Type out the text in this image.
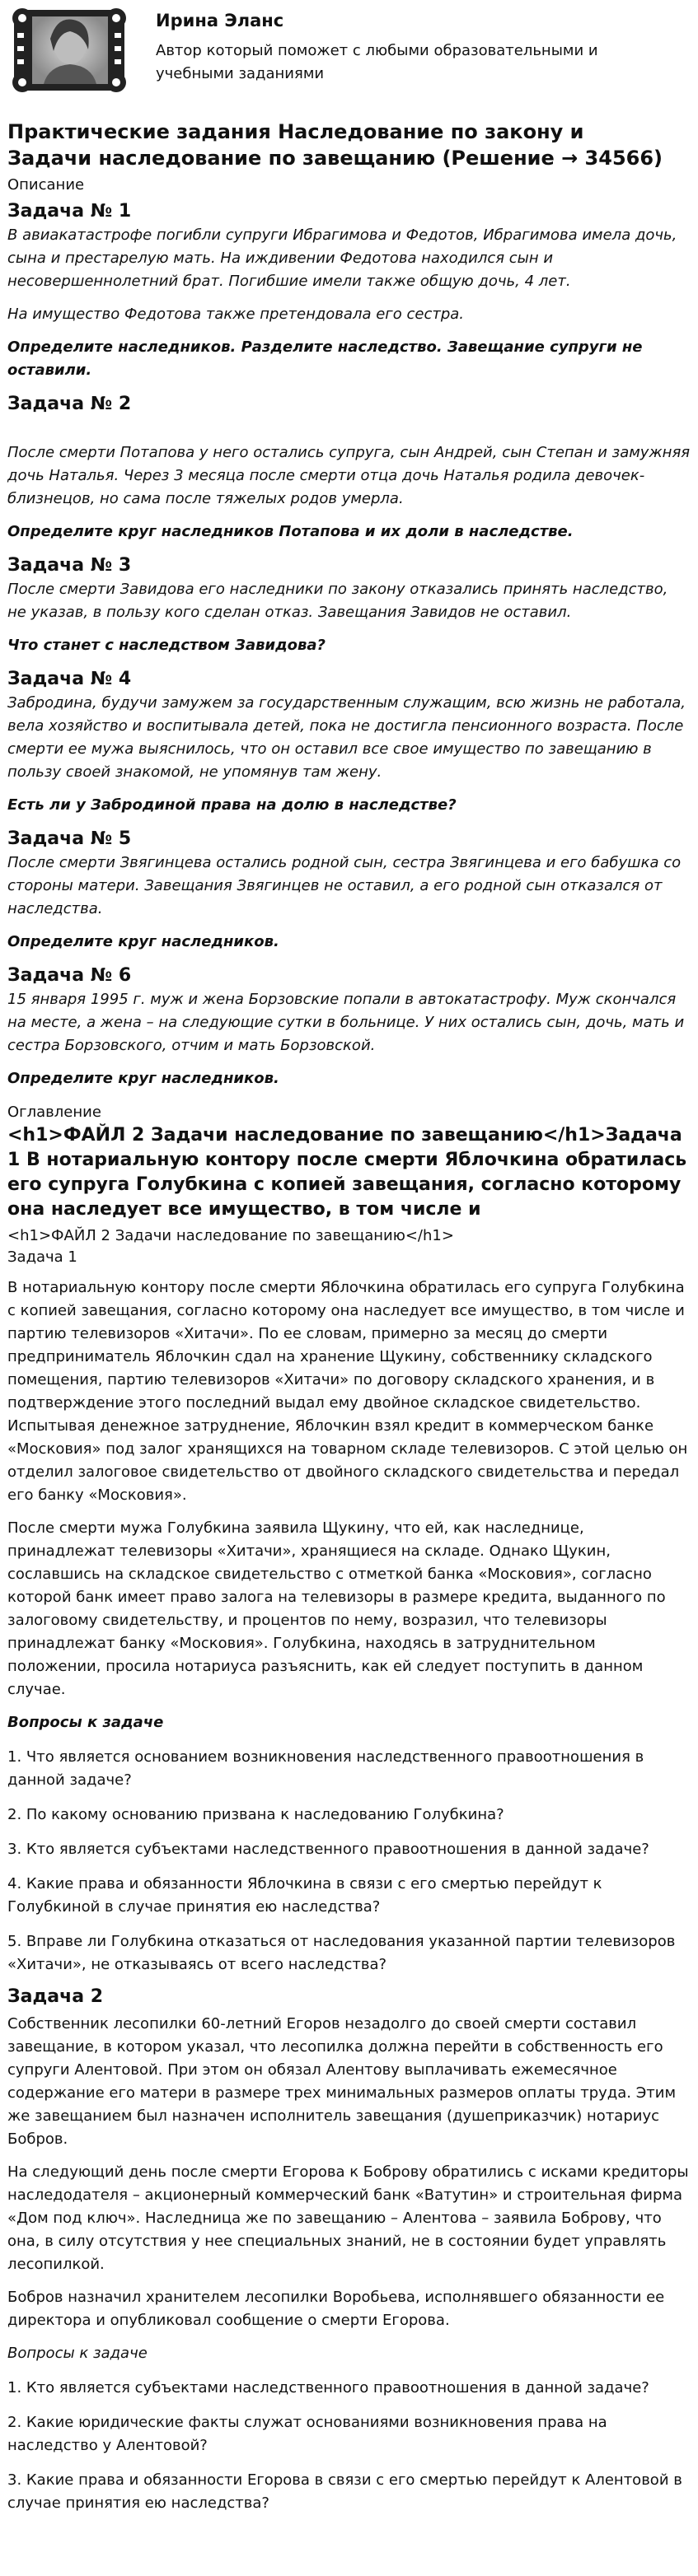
Ирина Эланс
Автор который поможет с любыми образовательными и учебными заданиями
Практические задания Наследование по закону и Задачи наследование по завещанию (Решение → 34566)
Описание
Задача № 1
В авиакатастрофе погибли супруги Ибрагимова и Федотов, Ибрагимова имела дочь, сына и престарелую мать. На иждивении Федотова находился сын и несовершеннолетний брат. Погибшие имели также общую дочь, 4 лет.
На имущество Федотова также претендовала его сестра.
Определите наследников. Разделите наследство. Завещание супруги не оставили.
Задача № 2
После смерти Потапова у него остались супруга, сын Андрей, сын Степан и замужняя дочь Наталья. Через 3 месяца после смерти отца дочь Наталья родила девочек-близнецов, но сама после тяжелых родов умерла.
Определите круг наследников Потапова и их доли в наследстве.
Задача № 3
После смерти Завидова его наследники по закону отказались принять наследство, не указав, в пользу кого сделан отказ. Завещания Завидов не оставил.
Что станет с наследством Завидова?
Задача № 4
Забродина, будучи замужем за государственным служащим, всю жизнь не работала, вела хозяйство и воспитывала детей, пока не достигла пенсионного возраста. После смерти ее мужа выяснилось, что он оставил все свое имущество по завещанию в пользу своей знакомой, не упомянув там жену.
Есть ли у Забродиной права на долю в наследстве?
Задача № 5
После смерти Звягинцева остались родной сын, сестра Звягинцева и его бабушка со стороны матери. Завещания Звягинцев не оставил, а его родной сын отказался от наследства.
Определите круг наследников.
Задача № 6
15 января 1995 г. муж и жена Борзовские попали в автокатастрофу. Муж скончался на месте, а жена – на следующие сутки в больнице. У них остались сын, дочь, мать и сестра Борзовского, отчим и мать Борзовской.
Определите круг наследников.
Оглавление
<h1>ФАЙЛ 2 Задачи наследование по завещанию</h1>Задача 1 В нотариальную контору после смерти Яблочкина обратилась его супруга Голубкина с копией завещания, согласно которому она наследует все имущество, в том числе и
<h1>ФАЙЛ 2 Задачи наследование по завещанию</h1>
Задача 1
В нотариальную контору после смерти Яблочкина обратилась его супруга Голубкина с копией завещания, согласно которому она наследует все имущество, в том числе и партию телевизоров «Хитачи». По ее словам, примерно за месяц до смерти предприниматель Яблочкин сдал на хранение Щукину, собственнику складского помещения, партию телевизоров «Хитачи» по договору складского хранения, и в подтверждение этого последний выдал ему двойное складское свидетельство. Испытывая денежное затруднение, Яблочкин взял кредит в коммерческом банке «Московия» под залог хранящихся на товарном складе телевизоров. С этой целью он отделил залоговое свидетельство от двойного складского свидетельства и передал его банку «Московия».
После смерти мужа Голубкина заявила Щукину, что ей, как наследнице, принадлежат телевизоры «Хитачи», хранящиеся на складе. Однако Щукин, сославшись на складское свидетельство с отметкой банка «Московия», согласно которой банк имеет право залога на телевизоры в размере кредита, выданного по залоговому свидетельству, и процентов по нему, возразил, что телевизоры принадлежат банку «Московия». Голубкина, находясь в затруднительном положении, просила нотариуса разъяснить, как ей следует поступить в данном случае.
Вопросы к задаче
1. Что является основанием возникновения наследственного правоотношения в данной задаче?
2. По какому основанию призвана к наследованию Голубкина?
3. Кто является субъектами наследственного правоотношения в данной задаче?
4. Какие права и обязанности Яблочкина в связи с его смертью перейдут к Голубкиной в случае принятия ею наследства?
5. Вправе ли Голубкина отказаться от наследования указанной партии телевизоров «Хитачи», не отказываясь от всего наследства?
Задача 2
Собственник лесопилки 60-летний Егоров незадолго до своей смерти составил завещание, в котором указал, что лесопилка должна перейти в собственность его супруги Алентовой. При этом он обязал Алентову выплачивать ежемесячное содержание его матери в размере трех минимальных размеров оплаты труда. Этим же завещанием был назначен исполнитель завещания (душеприказчик) нотариус Бобров.
На следующий день после смерти Егорова к Боброву обратились с исками кредиторы наследодателя – акционерный коммерческий банк «Ватутин» и строительная фирма «Дом под ключ». Наследница же по завещанию – Алентова – заявила Боброву, что она, в силу отсутствия у нее специальных знаний, не в состоянии будет управлять лесопилкой.
Бобров назначил хранителем лесопилки Воробьева, исполнявшего обязанности ее директора и опубликовал сообщение о смерти Егорова.
Вопросы к задаче
1. Кто является субъектами наследственного правоотношения в данной задаче?
2. Какие юридические факты служат основаниями возникновения права на наследство у Алентовой?
3. Какие права и обязанности Егорова в связи с его смертью перейдут к Алентовой в случае принятия ею наследства?
